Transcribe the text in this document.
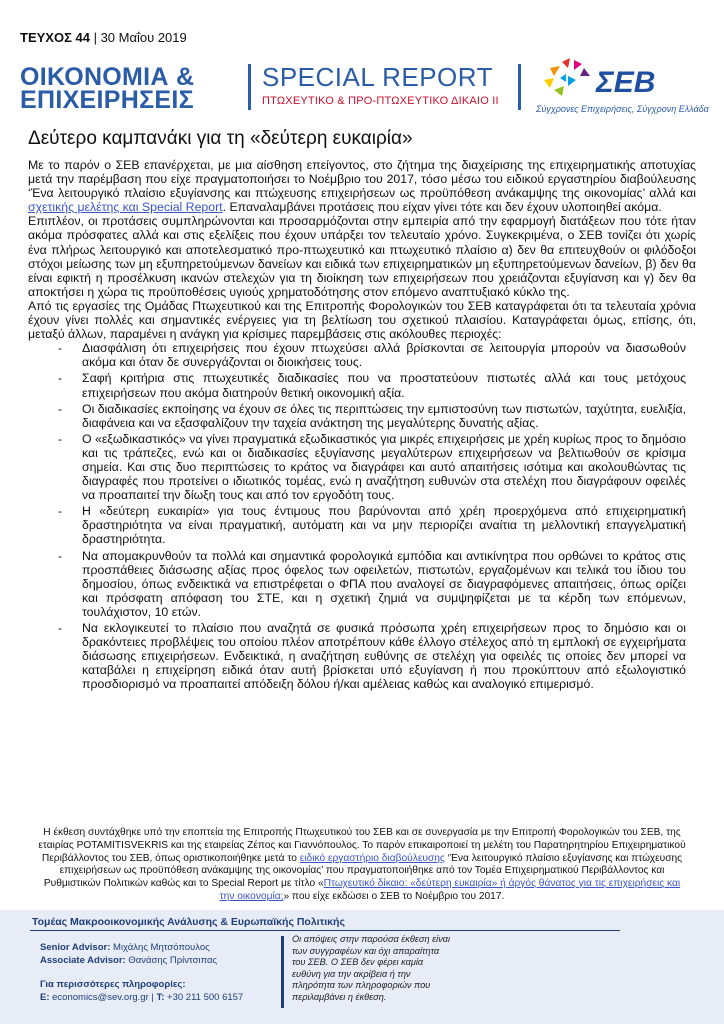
ΤΕΥΧΟΣ 44 | 30 Μαΐου 2019
ΟΙΚΟΝΟΜΙΑ &
ΕΠΙΧΕΙΡΗΣΕΙΣ
SPECIAL REPORT
ΠΤΩΧΕΥΤΙΚΟ & ΠΡΟ-ΠΤΩΧΕΥΤΙΚΟ ΔΙΚΑΙΟ ΙΙ
ΣΕΒ
Σύγχρονες Επιχειρήσεις, Σύγχρονη Ελλάδα
Δεύτερο καμπανάκι για τη «δεύτερη ευκαιρία»

Με το παρόν ο ΣΕΒ επανέρχεται, με μια αίσθηση επείγοντος, στο ζήτημα της διαχείρισης της επιχειρηματικής αποτυχίας μετά την παρέμβαση που είχε πραγματοποιήσει το Νοέμβριο του 2017, τόσο μέσω του ειδικού εργαστηρίου διαβούλευσης ‘Ένα λειτουργικό πλαίσιο εξυγίανσης και πτώχευσης επιχειρήσεων ως προϋπόθεση ανάκαμψης της οικονομίας’ αλλά και σχετικής μελέτης και Special Report. Επαναλαμβάνει προτάσεις που είχαν γίνει τότε και δεν έχουν υλοποιηθεί ακόμα.

Επιπλέον, οι προτάσεις συμπληρώνονται και προσαρμόζονται στην εμπειρία από την εφαρμογή διατάξεων που τότε ήταν ακόμα πρόσφατες αλλά και στις εξελίξεις που έχουν υπάρξει τον τελευταίο χρόνο. Συγκεκριμένα, ο ΣΕΒ τονίζει ότι χωρίς ένα πλήρως λειτουργικό και αποτελεσματικό προ-πτωχευτικό και πτωχευτικό πλαίσιο α) δεν θα επιτευχθούν οι φιλόδοξοι στόχοι μείωσης των μη εξυπηρετούμενων δανείων και ειδικά των επιχειρηματικών μη εξυπηρετούμενων δανείων, β) δεν θα είναι εφικτή η προσέλκυση ικανών στελεχών για τη διοίκηση των επιχειρήσεων που χρειάζονται εξυγίανση και γ) δεν θα αποκτήσει η χώρα τις προϋποθέσεις υγιούς χρηματοδότησης στον επόμενο αναπτυξιακό κύκλο της.

Από τις εργασίες της Ομάδας Πτωχευτικού και της Επιτροπής Φορολογικών του ΣΕΒ καταγράφεται ότι τα τελευταία χρόνια έχουν γίνει πολλές και σημαντικές ενέργειες για τη βελτίωση του σχετικού πλαισίου. Καταγράφεται όμως, επίσης, ότι, μεταξύ άλλων, παραμένει η ανάγκη για κρίσιμες παρεμβάσεις στις ακόλουθες περιοχές:

- Διασφάλιση ότι επιχειρήσεις που έχουν πτωχεύσει αλλά βρίσκονται σε λειτουργία μπορούν να διασωθούν ακόμα και όταν δε συνεργάζονται οι διοικήσεις τους.
- Σαφή κριτήρια στις πτωχευτικές διαδικασίες που να προστατεύουν πιστωτές αλλά και τους μετόχους επιχειρήσεων που ακόμα διατηρούν θετική οικονομική αξία.
- Οι διαδικασίες εκποίησης να έχουν σε όλες τις περιπτώσεις την εμπιστοσύνη των πιστωτών, ταχύτητα, ευελιξία, διαφάνεια και να εξασφαλίζουν την ταχεία ανάκτηση της μεγαλύτερης δυνατής αξίας.
- Ο «εξωδικαστικός» να γίνει πραγματικά εξωδικαστικός για μικρές επιχειρήσεις με χρέη κυρίως προς το δημόσιο και τις τράπεζες, ενώ και οι διαδικασίες εξυγίανσης μεγαλύτερων επιχειρήσεων να βελτιωθούν σε κρίσιμα σημεία. Και στις δυο περιπτώσεις το κράτος να διαγράφει και αυτό απαιτήσεις ισότιμα και ακολουθώντας τις διαγραφές που προτείνει ο ιδιωτικός τομέας, ενώ η αναζήτηση ευθυνών στα στελέχη που διαγράφουν οφειλές να προαπαιτεί την δίωξη τους και από τον εργοδότη τους.
- Η «δεύτερη ευκαιρία» για τους έντιμους που βαρύνονται από χρέη προερχόμενα από επιχειρηματική δραστηριότητα να είναι πραγματική, αυτόματη και να μην περιορίζει αναίτια τη μελλοντική επαγγελματική δραστηριότητα.
- Να απομακρυνθούν τα πολλά και σημαντικά φορολογικά εμπόδια και αντικίνητρα που ορθώνει το κράτος στις προσπάθειες διάσωσης αξίας προς όφελος των οφειλετών, πιστωτών, εργαζομένων και τελικά του ίδιου του δημοσίου, όπως ενδεικτικά να επιστρέφεται ο ΦΠΑ που αναλογεί σε διαγραφόμενες απαιτήσεις, όπως ορίζει και πρόσφατη απόφαση του ΣΤΕ, και η σχετική ζημιά να συμψηφίζεται με τα κέρδη των επόμενων, τουλάχιστον, 10 ετών.
- Να εκλογικευτεί το πλαίσιο που αναζητά σε φυσικά πρόσωπα χρέη επιχειρήσεων προς το δημόσιο και οι δρακόντειες προβλέψεις του οποίου πλέον αποτρέπουν κάθε έλλογο στέλεχος από τη εμπλοκή σε εγχειρήματα διάσωσης επιχειρήσεων. Ενδεικτικά, η αναζήτηση ευθύνης σε στελέχη για οφειλές τις οποίες δεν μπορεί να καταβάλει η επιχείρηση ειδικά όταν αυτή βρίσκεται υπό εξυγίανση ή που προκύπτουν από εξωλογιστικό προσδιορισμό να προαπαιτεί απόδειξη δόλου ή/και αμέλειας καθώς και αναλογικό επιμερισμό.
Η έκθεση συντάχθηκε υπό την εποπτεία της Επιτροπής Πτωχευτικού του ΣΕΒ και σε συνεργασία με την Επιτροπή Φορολογικών του ΣΕΒ, της εταιρίας POTAMITISVEKRIS και της εταιρείας Ζέπος και Γιαννόπουλος. Το παρόν επικαιροποιεί τη μελέτη του Παρατηρητηρίου Επιχειρηματικού Περιβάλλοντος του ΣΕΒ, όπως οριστικοποιήθηκε μετά το ειδικό εργαστήριο διαβούλευσης ‘Ένα λειτουργικό πλαίσιο εξυγίανσης και πτώχευσης επιχειρήσεων ως προϋπόθεση ανάκαμψης της οικονομίας’ που πραγματοποιήθηκε από τον Τομέα Επιχειρηματικού Περιβάλλοντος και Ρυθμιστικών Πολιτικών καθώς και το Special Report με τίτλο «Πτωχευτικό δίκαιο: «δεύτερη ευκαιρία» ή άργός θάνατος για τις επιχειρήσεις και την οικονομία;» που είχε εκδώσει ο ΣΕΒ το Νοέμβριο του 2017.
Τομέας Μακροοικονομικής Ανάλυσης & Ευρωπαϊκής Πολιτικής
Senior Advisor: Μιχάλης Μητσόπουλος
Associate Advisor: Θανάσης Πρίντσιπας
Για περισσότερες πληροφορίες:
E: economics@sev.org.gr | T: +30 211 500 6157
Οι απόψεις στην παρούσα έκθεση είναι των συγγραφέων και όχι απαραίτητα του ΣΕΒ. Ο ΣΕΒ δεν φέρει καμία ευθύνη για την ακρίβεια ή την πληρότητα των πληροφοριών που περιλαμβάνει η έκθεση.
